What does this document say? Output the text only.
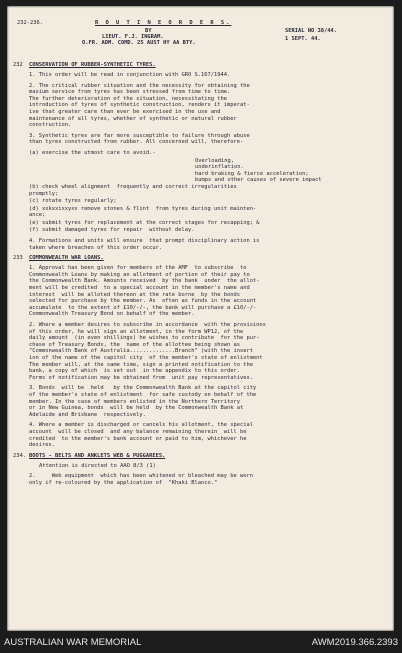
232-236.	R O U T I N E O R D E R S.
BY
LIEUT. F.J. INGRAM.
O.FR. ADM. COMD. 25 AUST HY AA BTY.
SERIAL NO 38/44.
1 SEPT. 44.
232 CONSERVATION OF RUBBER-SYNTHETIC TYRES.

1. This order will be read in conjunction with GRO S.167/1944.

2. The critical rubber situation and the necessity for obtaining the
maxium service from tyres has been stressed from time to time.
The further deterioration of the situation, necessitating the
introduction of tyres of synthetic construction, renders it imperat-
ive that greater care than ever be exercised in the use and
maintenance of all tyres, whether of synthetic or natural rubber
construction.

3. Synthetic tyres are far more susceptible to failure through abuse
than tyres constructed from rubber. All concerned will, therefore-

(a) exercise the utmost care to avoid.-

Overloading,
underinflation.
hard braking & fierce acceleration;
bumps and other causes of severe impact

(b) check wheel alignment  frequently and correct irregularities
promptly;

(c) rotate tyres regularly;

(d) xxkxxixxyxx remove stones & flint  from tyres during unit mainten-
ance;

(e) submit tyres for replacement at the correct stages for recapping; &

(f) submit damaged tyres for repair  without delay.

4. Formations and units will ensure  that prompt disciplinary action is
taken where breaches of this order occur.

233 COMMONWEALTH WAR LOANS.

1. Approval has been given for members of the AMF  to subscribe  to
Commonwealth Loans by making an allotment of portion of their pay to
the Commonwealth Bank. Amounts received  by the bank  under  the allot-
ment will be credited  to a special account in the member's name and
interest  will be alloted thereon at the rate borne  by the bonds
selected for purchase by the member. As  often as funds in the account
accumulate  to the extent of £10/-/-, the bank will purchase a £10/-/-
Commonwealth Treasury Bond on behalf of the member.

2. Where a member desires to subscribe in accordance  with the provisions
of this order, he will sign an allotment, in the form WP12, of the
daily amount  (in even shillings) he wishes to contribute  for the pur-
chase of Treasury Bonds, the  name of the allottee being shown as
"Commonwealth Bank of Australia..............Branch" (with the insert
ion of the name of the capitol city  of the member's state of enlistment
The member will, at the same time, sign a printed notification to the
bank, a copy of which  is set out  in the appendix to this order.
Forms of notification may be obtained from  unit pay representatives.

3. Bonds  will be  held   by the Commonwealth Bank at the capitol city
of the member's state of enlistment  for safe custody on behalf of the
member. In the case of members enlisted in the Northern Territory
or in New Guinea, bonds  will be held  by the Commonwealth Bank at
Adelaide and Brisbane  respectively.

4. Where a member is discharged or cancels his allotment, the special
account  will be closed  and any balance remaining therein  will be
credited  to the member's bank account or paid to him, whichever he
desires.

234. BOOTS - BELTS AND ANKLETS WEB & PUGGAREES.

Attention is directed to AAO 8/3 (1)

2.     Web equipment  which has been whitened or bleached may be worn
only if re-coloured by the application of  "Khaki Blanco."

AUSTRALIAN WAR MEMORIAL	AWM2019.366.2393
